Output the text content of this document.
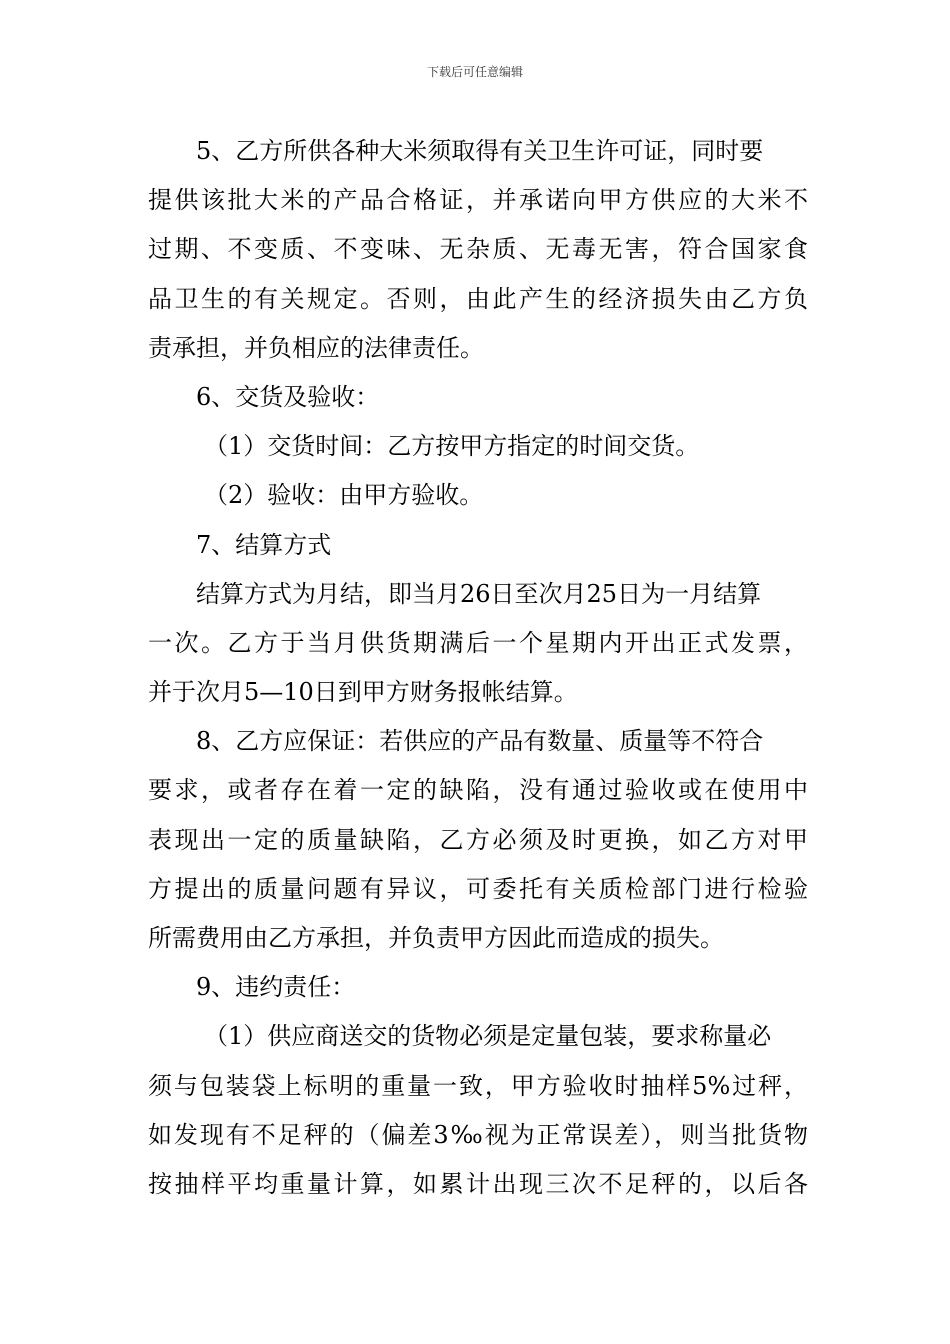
下载后可任意编辑
5、乙方所供各种大米须取得有关卫生许可证，同时要
提供该批大米的产品合格证，并承诺向甲方供应的大米不
过期、不变质、不变味、无杂质、无毒无害，符合国家食
品卫生的有关规定。否则，由此产生的经济损失由乙方负
责承担，并负相应的法律责任。
6、交货及验收：
（1）交货时间：乙方按甲方指定的时间交货。
（2）验收：由甲方验收。
7、结算方式
结算方式为月结，即当月26日至次月25日为一月结算
一次。乙方于当月供货期满后一个星期内开出正式发票，
并于次月5—10日到甲方财务报帐结算。
8、乙方应保证：若供应的产品有数量、质量等不符合
要求，或者存在着一定的缺陷，没有通过验收或在使用中
表现出一定的质量缺陷，乙方必须及时更换，如乙方对甲
方提出的质量问题有异议，可委托有关质检部门进行检验
所需费用由乙方承担，并负责甲方因此而造成的损失。
9、违约责任：
（1）供应商送交的货物必须是定量包装，要求称量必
须与包装袋上标明的重量一致，甲方验收时抽样5%过秤，
如发现有不足秤的（偏差3‰视为正常误差），则当批货物
按抽样平均重量计算，如累计出现三次不足秤的，以后各
